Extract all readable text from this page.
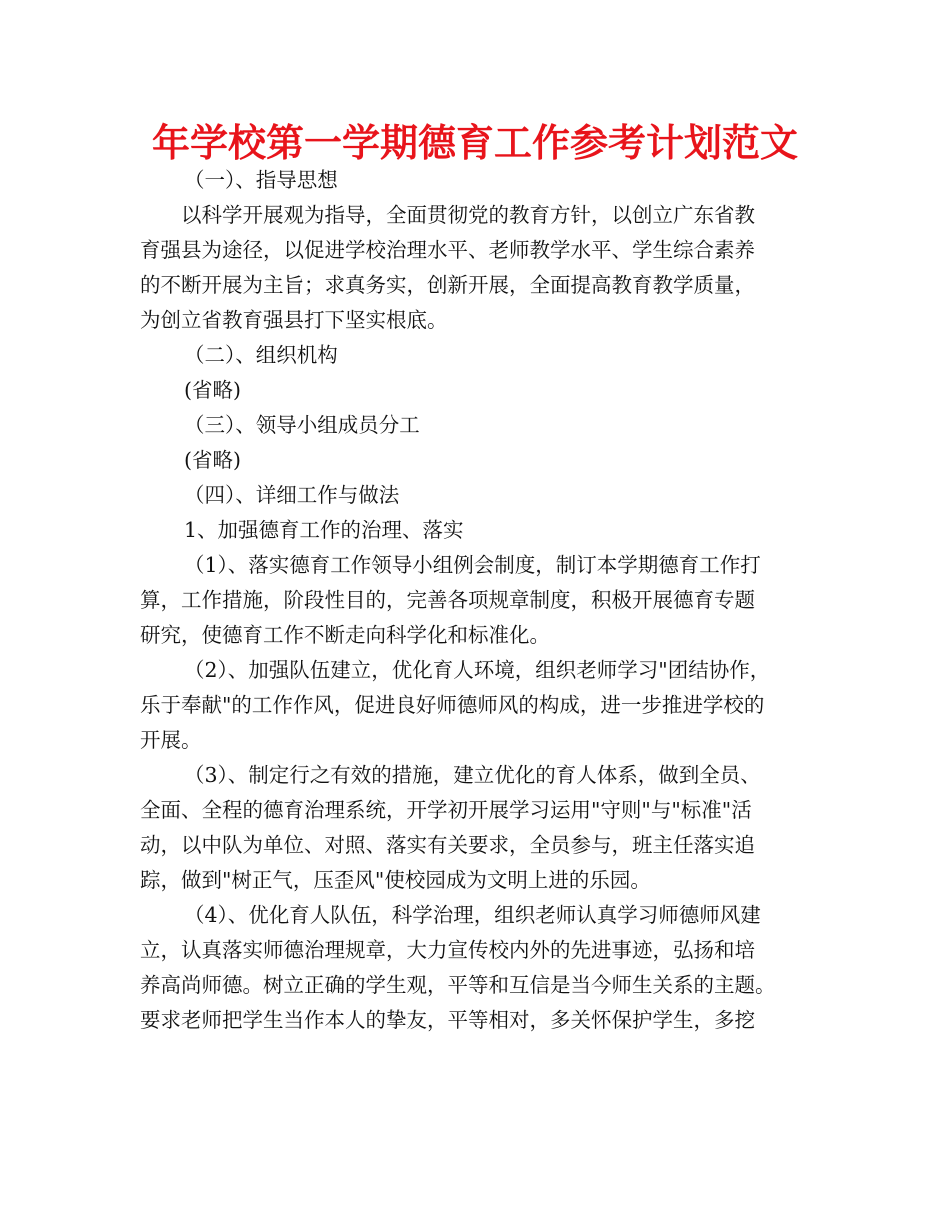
年学校第一学期德育工作参考计划范文
（一）、指导思想
以科学开展观为指导，全面贯彻党的教育方针，以创立广东省教
育强县为途径，以促进学校治理水平、老师教学水平、学生综合素养
的不断开展为主旨；求真务实，创新开展，全面提高教育教学质量，
为创立省教育强县打下坚实根底。
（二）、组织机构
(省略)
（三）、领导小组成员分工
(省略)
（四）、详细工作与做法
1、加强德育工作的治理、落实
（1）、落实德育工作领导小组例会制度，制订本学期德育工作打
算，工作措施，阶段性目的，完善各项规章制度，积极开展德育专题
研究，使德育工作不断走向科学化和标准化。
（2）、加强队伍建立，优化育人环境，组织老师学习"团结协作，
乐于奉献"的工作作风，促进良好师德师风的构成，进一步推进学校的
开展。
（3）、制定行之有效的措施，建立优化的育人体系，做到全员、
全面、全程的德育治理系统，开学初开展学习运用"守则"与"标准"活
动，以中队为单位、对照、落实有关要求，全员参与，班主任落实追
踪，做到"树正气，压歪风"使校园成为文明上进的乐园。
（4）、优化育人队伍，科学治理，组织老师认真学习师德师风建
立，认真落实师德治理规章，大力宣传校内外的先进事迹，弘扬和培
养高尚师德。树立正确的学生观，平等和互信是当今师生关系的主题。
要求老师把学生当作本人的挚友，平等相对，多关怀保护学生，多挖
